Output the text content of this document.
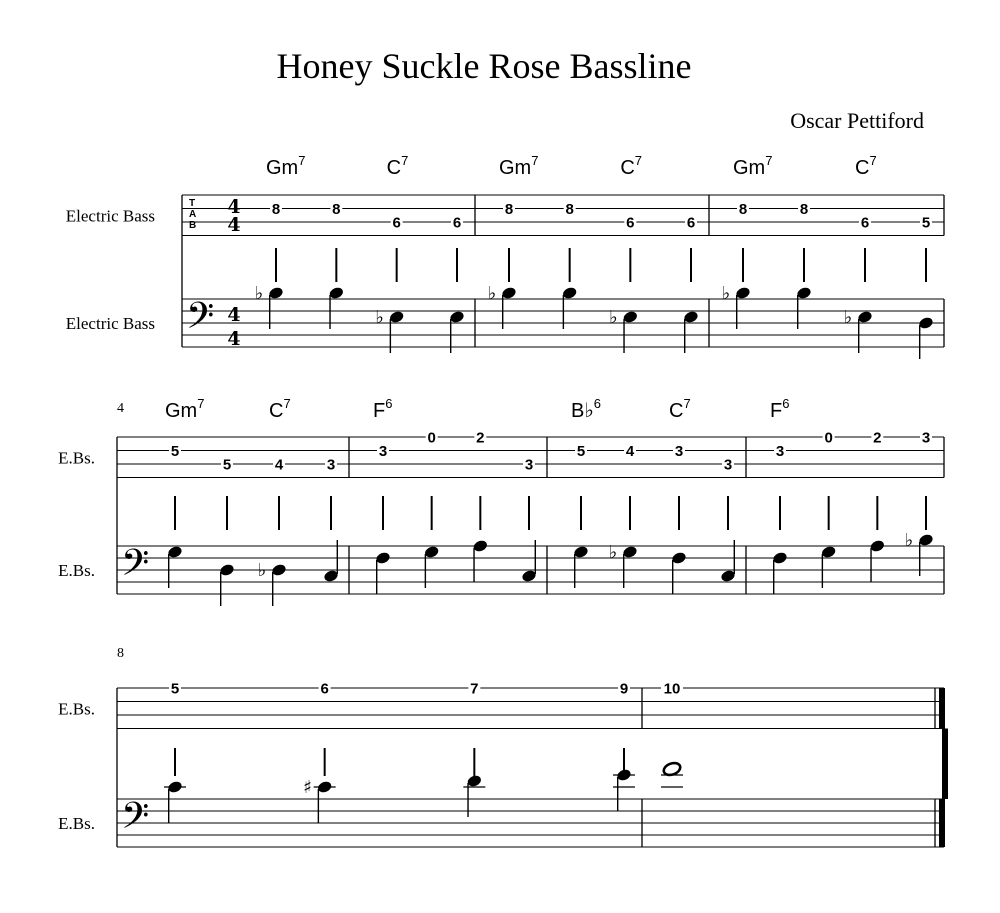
Honey Suckle Rose Bassline
Oscar Pettiford
Electric Bass
Electric Bass
T
A
B
4
4
4
4
𝄢
Gm$^7$	$C^7$
8
♭
8
6
♭
6
Gm$^7$	$C^7$
8
♭
8
6
♭
6
Gm$^7$	$C^7$
8
♭
8
6
♭
5
E.Bs.
E.Bs.
4
𝄢
Gm$^7$	$C^7$
5
5	4
♭
3
$F^6$
3
0	2
3
B♭$^6$	$C^7$
5	4
♭
3
3
$F^6$
3
0	2	3
♭
E.Bs.
E.Bs.
8
𝄢
5	6
♯
7	9 10
